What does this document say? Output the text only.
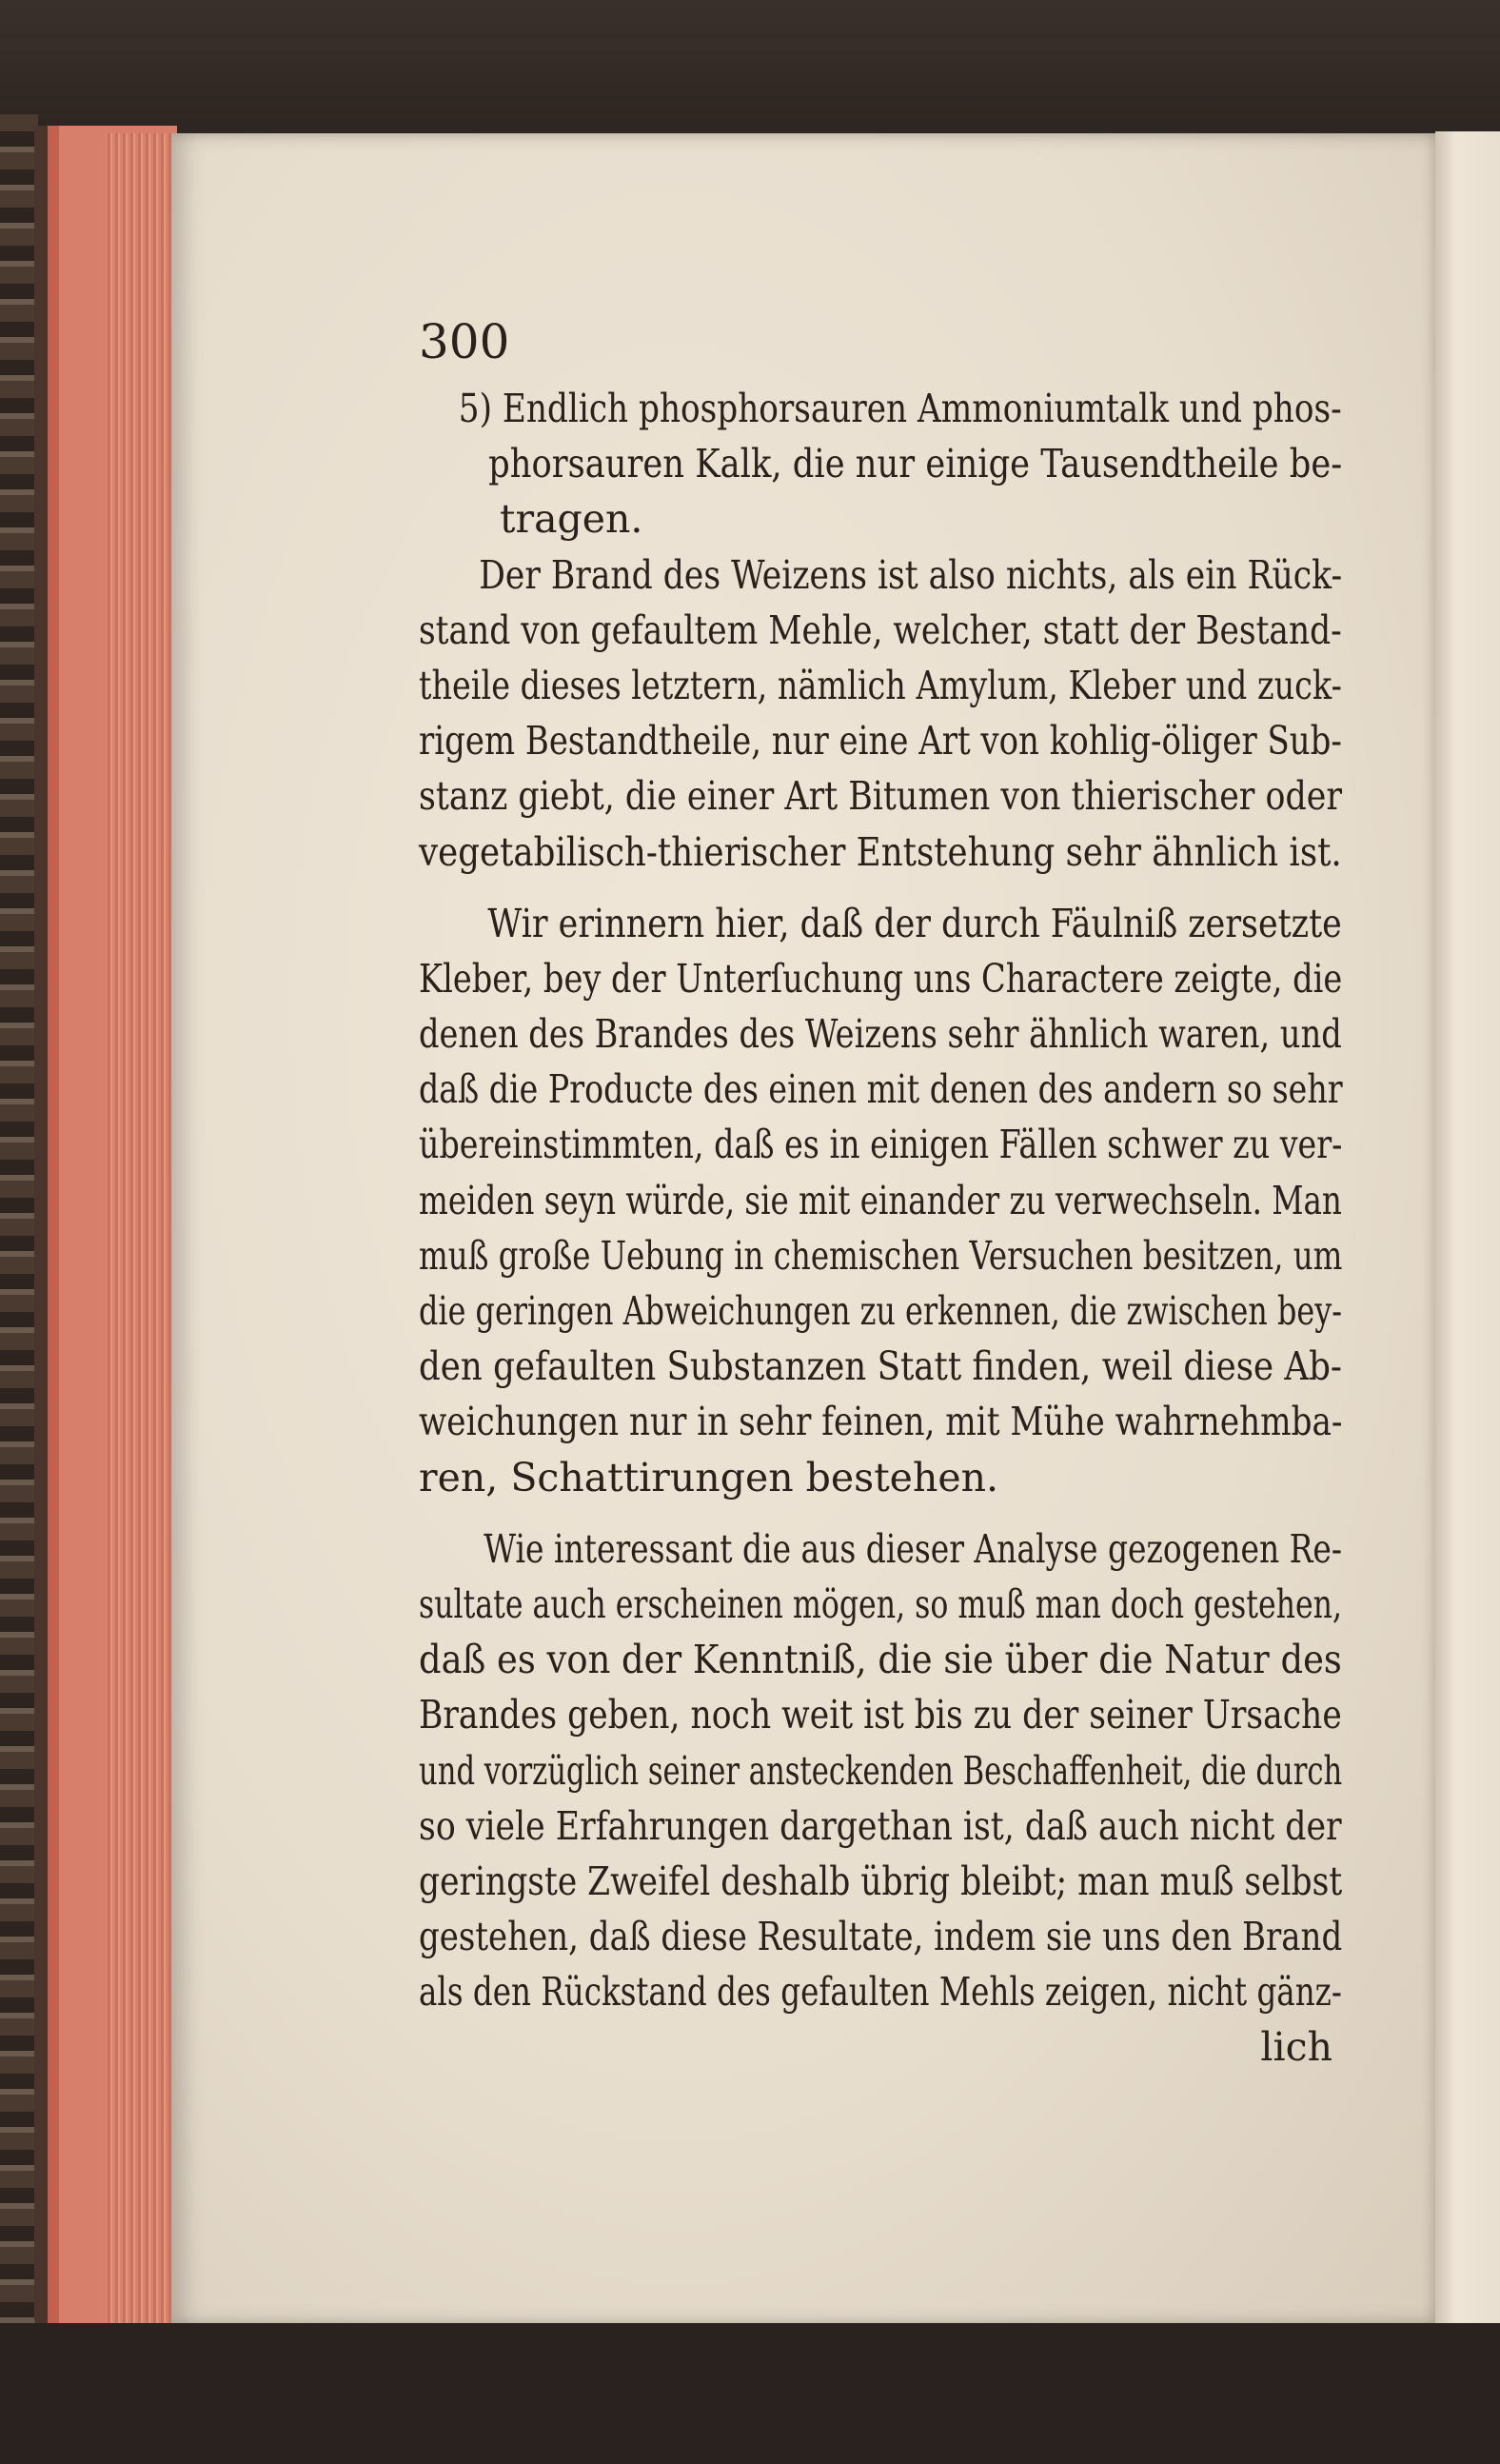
300
5) Endlich phosphorsauren Ammoniumtalk und phos-
phorsauren Kalk, die nur einige Tausendtheile be-
tragen.
Der Brand des Weizens ist also nichts, als ein Rück-
stand von gefaultem Mehle, welcher, statt der Bestand-
theile dieses letztern, nämlich Amylum, Kleber und zuck-
rigem Bestandtheile, nur eine Art von kohlig-öliger Sub-
stanz giebt, die einer Art Bitumen von thierischer oder
vegetabilisch-thierischer Entstehung sehr ähnlich ist.
Wir erinnern hier, daß der durch Fäulniß zersetzte
Kleber, bey der Unterſuchung uns Charactere zeigte, die
denen des Brandes des Weizens sehr ähnlich waren, und
daß die Producte des einen mit denen des andern so sehr
übereinstimmten, daß es in einigen Fällen schwer zu ver-
meiden seyn würde, sie mit einander zu verwechseln. Man
muß große Uebung in chemischen Versuchen besitzen, um
die geringen Abweichungen zu erkennen, die zwischen bey-
den gefaulten Substanzen Statt finden, weil diese Ab-
weichungen nur in sehr feinen, mit Mühe wahrnehmba-
ren, Schattirungen bestehen.
Wie interessant die aus dieser Analyse gezogenen Re-
sultate auch erscheinen mögen, so muß man doch gestehen,
daß es von der Kenntniß, die sie über die Natur des
Brandes geben, noch weit ist bis zu der seiner Ursache
und vorzüglich seiner ansteckenden Beschaffenheit, die durch
so viele Erfahrungen dargethan ist, daß auch nicht der
geringste Zweifel deshalb übrig bleibt; man muß selbst
gestehen, daß diese Resultate, indem sie uns den Brand
als den Rückstand des gefaulten Mehls zeigen, nicht gänz-
lich
